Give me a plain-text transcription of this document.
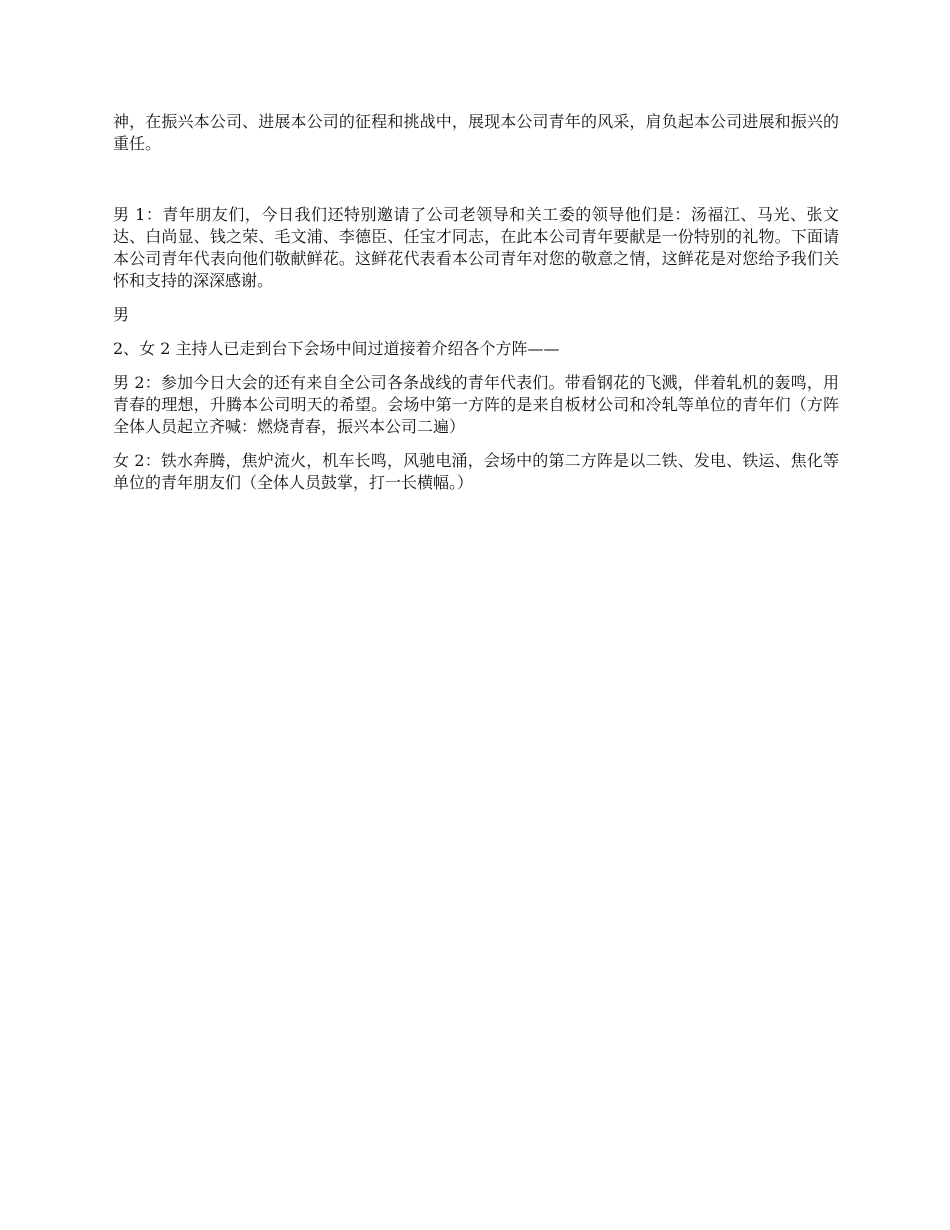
神，在振兴本公司、进展本公司的征程和挑战中，展现本公司青年的风采，肩负起本公司进展和振兴的重任。

男 1：青年朋友们，今日我们还特别邀请了公司老领导和关工委的领导他们是：汤福江、马光、张文达、白尚显、钱之荣、毛文浦、李德臣、任宝才同志，在此本公司青年要献是一份特别的礼物。下面请本公司青年代表向他们敬献鲜花。这鲜花代表看本公司青年对您的敬意之情，这鲜花是对您给予我们关怀和支持的深深感谢。

男

2、女 2 主持人已走到台下会场中间过道接着介绍各个方阵——

男 2：参加今日大会的还有来自全公司各条战线的青年代表们。带看钢花的飞溅，伴着轧机的轰鸣，用青春的理想，升腾本公司明天的希望。会场中第一方阵的是来自板材公司和冷轧等单位的青年们（方阵全体人员起立齐喊：燃烧青春，振兴本公司二遍）

女 2：铁水奔腾，焦炉流火，机车长鸣，风驰电涌，会场中的第二方阵是以二铁、发电、铁运、焦化等单位的青年朋友们（全体人员鼓掌，打一长横幅。）
